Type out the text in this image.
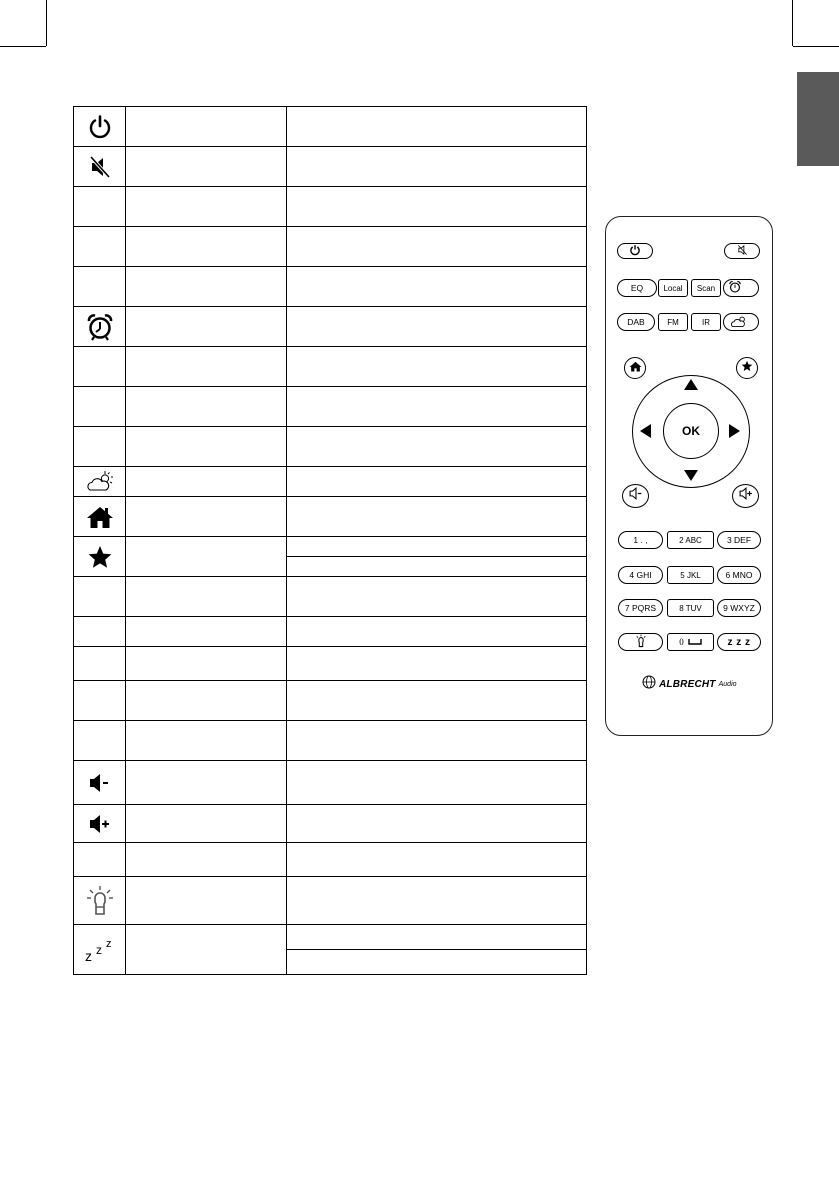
z z z
EQ	Local Scan
DAB	FM	IR
OK
1 . ,	2 ABC	3 DEF
4 GHI	5 JKL	6 MNO
7 PQRS	8 TUV	9 WXYZ
0	z z z
ALBRECHT Audio
